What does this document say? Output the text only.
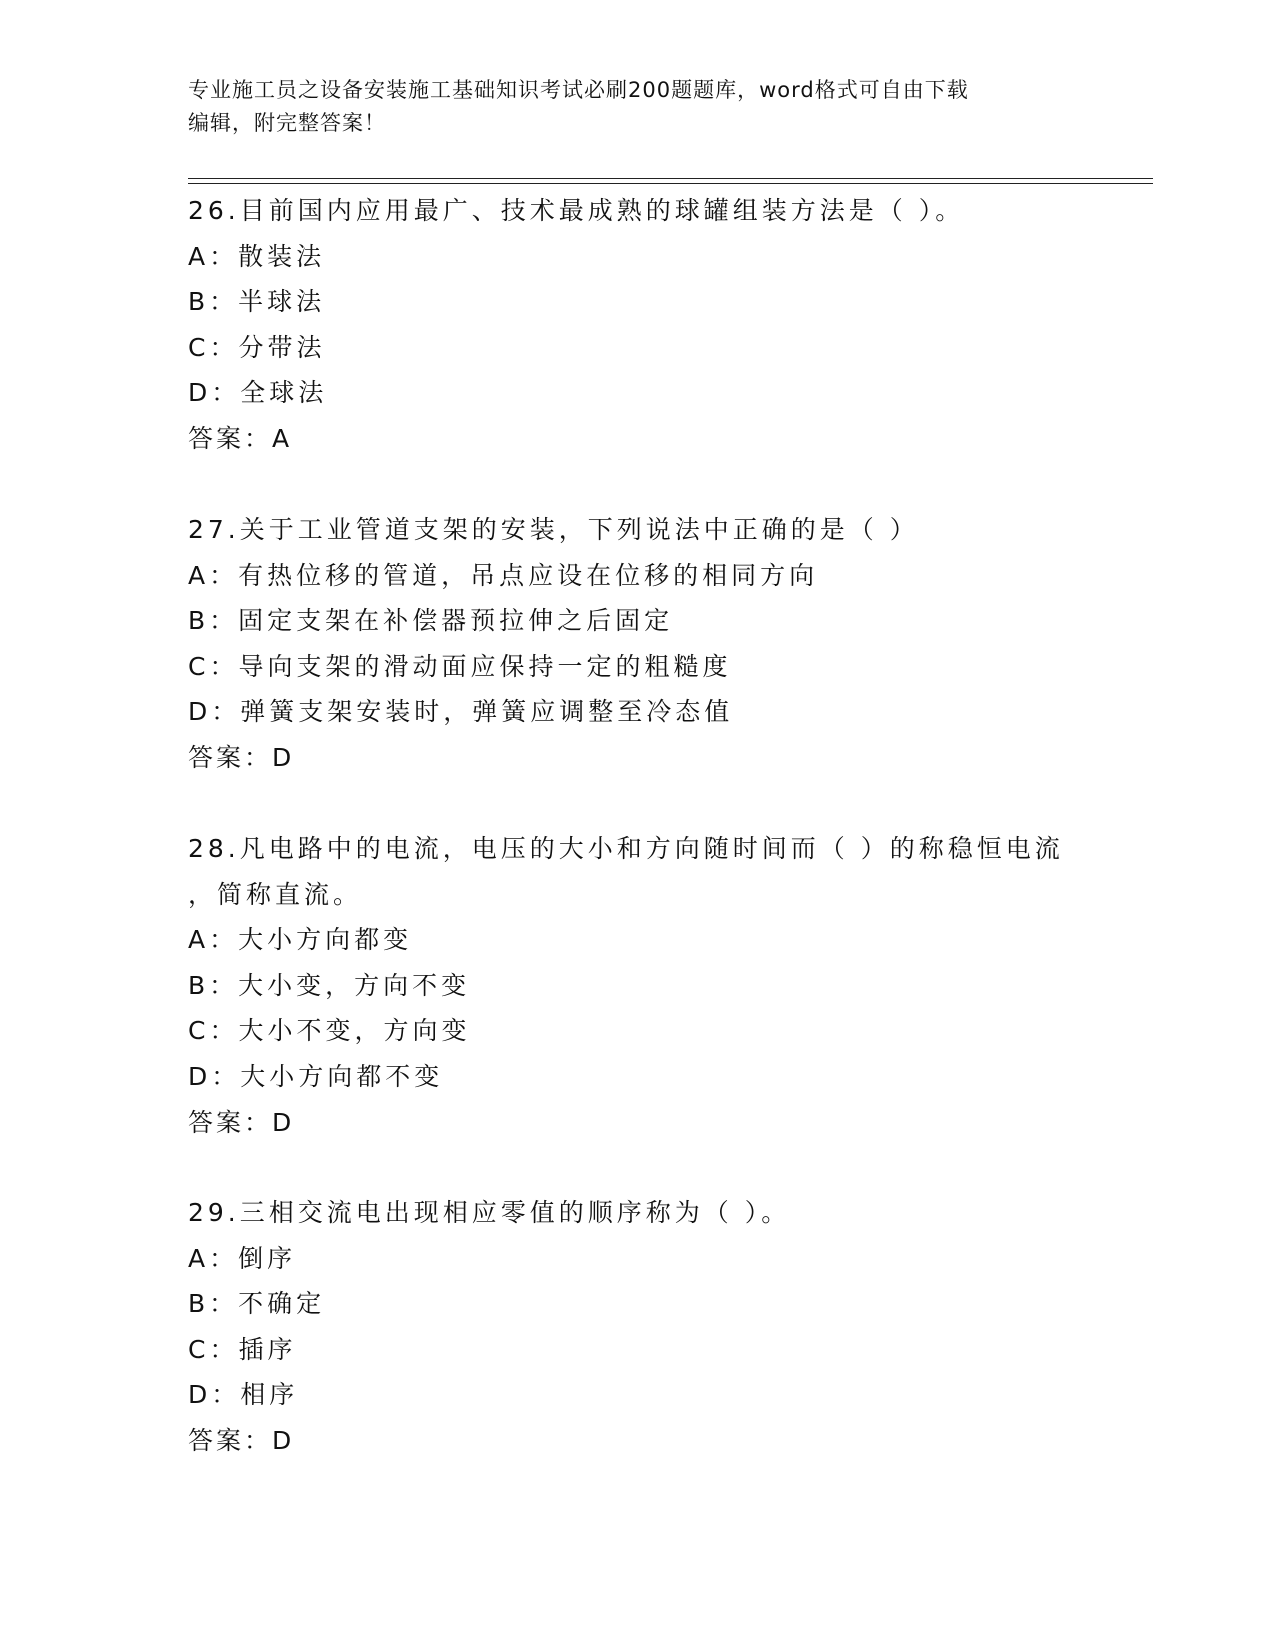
专业施工员之设备安装施工基础知识考试必刷200题题库，word格式可自由下载
编辑，附完整答案！
26.目前国内应用最广、技术最成熟的球罐组装方法是（ ）。
A：散装法
B：半球法
C：分带法
D：全球法
答案：A
27.关于工业管道支架的安装，下列说法中正确的是（ ）
A：有热位移的管道，吊点应设在位移的相同方向
B：固定支架在补偿器预拉伸之后固定
C：导向支架的滑动面应保持一定的粗糙度
D：弹簧支架安装时，弹簧应调整至冷态值
答案：D
28.凡电路中的电流，电压的大小和方向随时间而（ ）的称稳恒电流
，简称直流。
A：大小方向都变
B：大小变，方向不变
C：大小不变，方向变
D：大小方向都不变
答案：D
29.三相交流电出现相应零值的顺序称为（ ）。
A：倒序
B：不确定
C：插序
D：相序
答案：D
